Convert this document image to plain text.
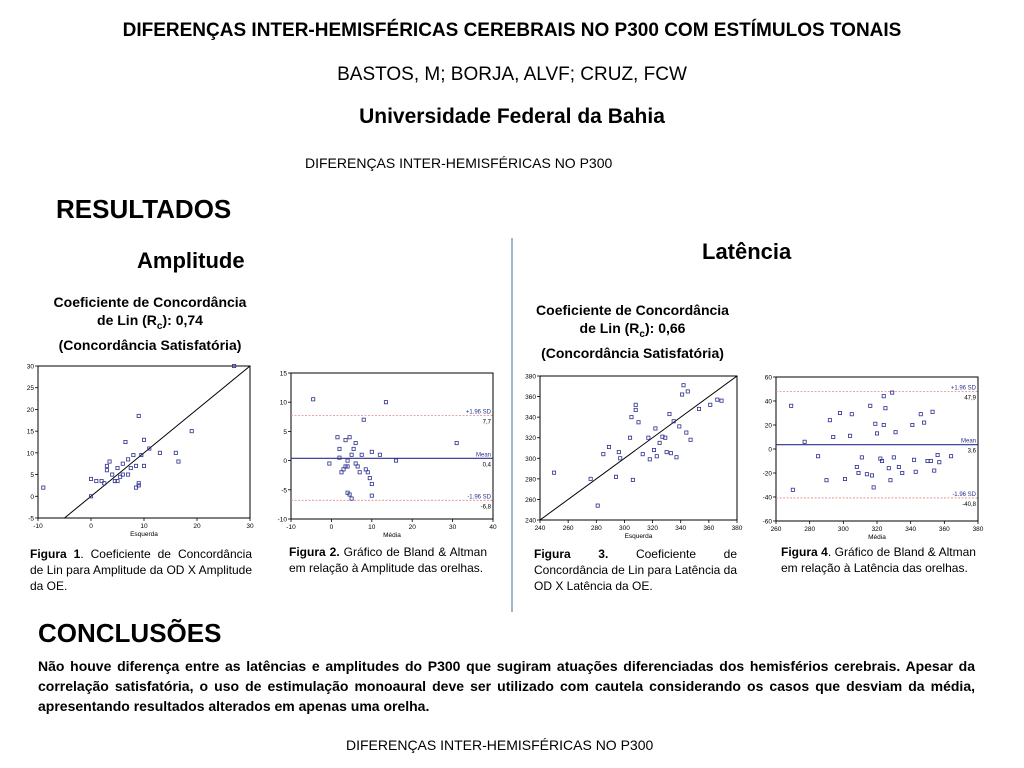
DIFERENÇAS INTER-HEMISFÉRICAS CEREBRAIS NO P300 COM ESTÍMULOS TONAIS
BASTOS, M; BORJA, ALVF; CRUZ, FCW
Universidade Federal da Bahia
DIFERENÇAS INTER-HEMISFÉRICAS NO P300
RESULTADOS
Amplitude	Latência
Coeficiente de Concordância
de Lin $(R_c)$: 0,74
(Concordância Satisfatória)
Coeficiente de Concordância
de Lin $(R_c)$: 0,66
(Concordância Satisfatória)
-5
0
5
10
15
20
25
30
-10	0	10	20	30
Esquerda
-10
-5
0
5
10
15
-10	0	10	20	30	40
Média
+1.96 SD
7,7
Mean
0,4
-1.96 SD
-6,8
240
260
280
300
320
340
360
380
240	260	280	300	320	340	360	380
Esquerda
-60
-40
-20
0
20
40
60
260	280	300	320	340	360	380
Média
+1.96 SD
47,9
Mean
3,6
-1.96 SD
-40,8
Figura 1. Coeficiente de Concordância de Lin para Amplitude da OD X Amplitude da OE.
Figura 2. Gráfico de Bland & Altman em relação à Amplitude das orelhas.
Figura 3. Coeficiente de Concordância de Lin para Latência da OD X Latência da OE.
Figura 4. Gráfico de Bland & Altman em relação à Latência das orelhas.
CONCLUSÕES
Não houve diferença entre as latências e amplitudes do P300 que sugiram atuações diferenciadas dos hemisférios cerebrais. Apesar da correlação satisfatória, o uso de estimulação monoaural deve ser utilizado com cautela considerando os casos que desviam da média, apresentando resultados alterados em apenas uma orelha.
DIFERENÇAS INTER-HEMISFÉRICAS NO P300
